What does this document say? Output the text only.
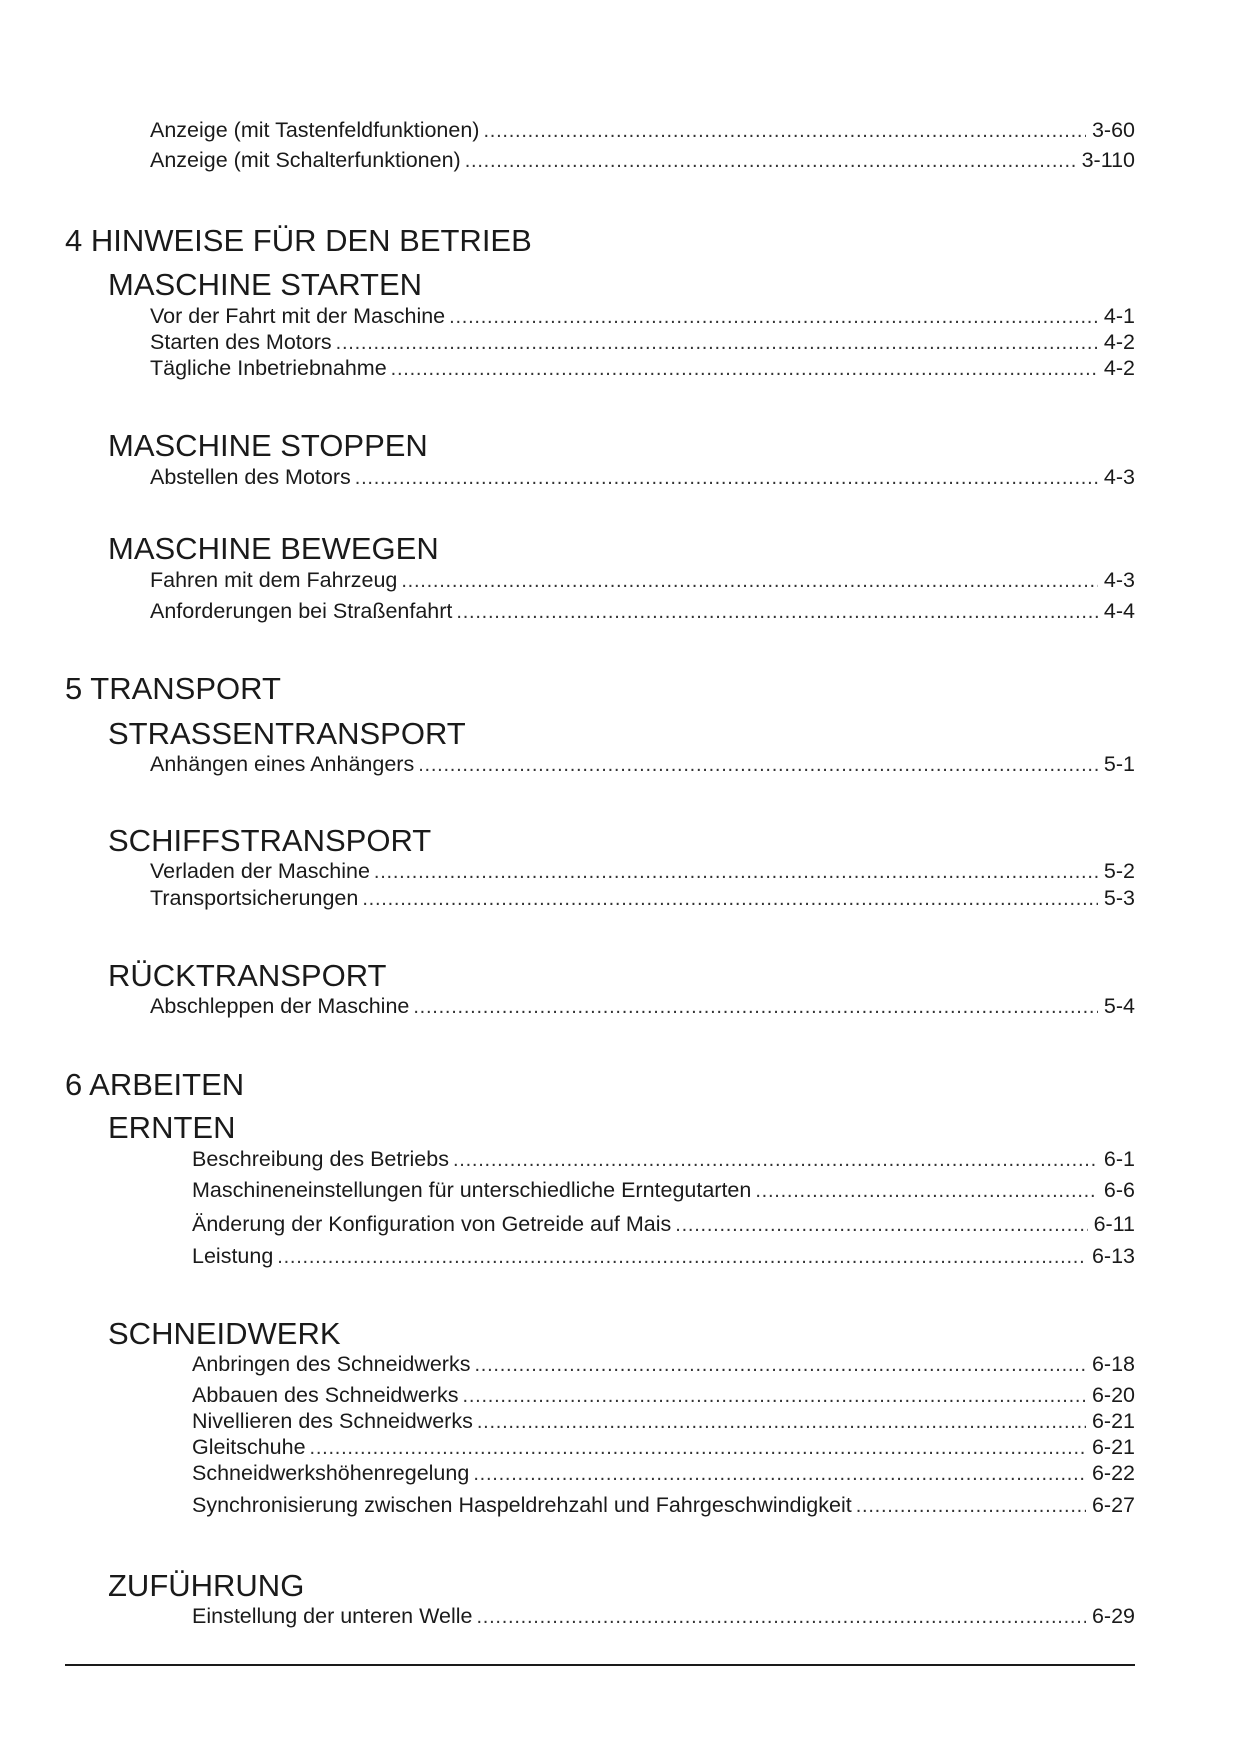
Anzeige (mit Tastenfeldfunktionen) . . .	3-60
Anzeige (mit Schalterfunktionen) . . .	3-110
4 HINWEISE FÜR DEN BETRIEB
MASCHINE STARTEN
Vor der Fahrt mit der Maschine . . .	4-1
Starten des Motors . . .	4-2
Tägliche Inbetriebnahme . . .	4-2
MASCHINE STOPPEN
Abstellen des Motors . . .	4-3
MASCHINE BEWEGEN
Fahren mit dem Fahrzeug . . .	4-3
Anforderungen bei Straßenfahrt . . .	4-4
5 TRANSPORT
STRASSENTRANSPORT
Anhängen eines Anhängers . . .	5-1
SCHIFFSTRANSPORT
Verladen der Maschine . . .	5-2
Transportsicherungen . . .	5-3
RÜCKTRANSPORT
Abschleppen der Maschine . . .	5-4
6 ARBEITEN
ERNTEN
Beschreibung des Betriebs . . .	6-1
Maschineneinstellungen für unterschiedliche Erntegutarten . . .	6-6
Änderung der Konfiguration von Getreide auf Mais . . .	6-11
Leistung . . .	6-13
SCHNEIDWERK
Anbringen des Schneidwerks . . .	6-18
Abbauen des Schneidwerks . . .	6-20
Nivellieren des Schneidwerks . . .	6-21
Gleitschuhe . . .	6-21
Schneidwerkshöhenregelung . . .	6-22
Synchronisierung zwischen Haspeldrehzahl und Fahrgeschwindigkeit . . .	6-27
ZUFÜHRUNG
Einstellung der unteren Welle . . .	6-29
